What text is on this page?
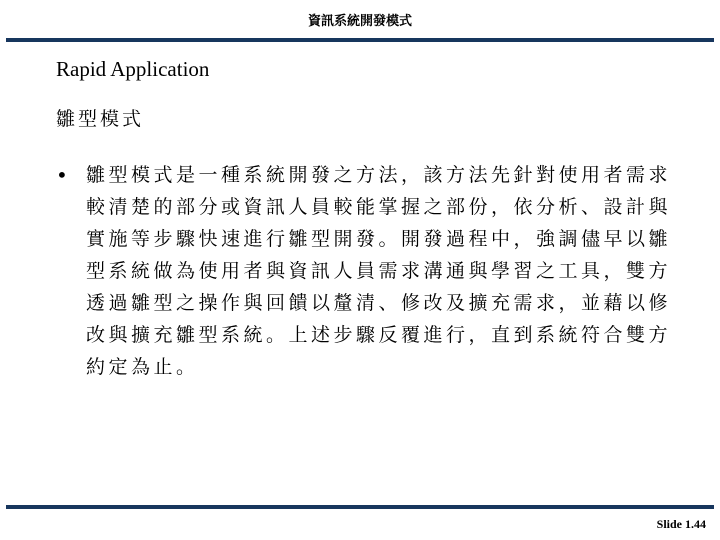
資訊系統開發模式
Rapid Application
雛型模式
• 雛型模式是一種系統開發之方法，該方法先針對使用者需求較清楚的部分或資訊人員較能掌握之部份，依分析、設計與實施等步驟快速進行雛型開發。開發過程中，強調儘早以雛型系統做為使用者與資訊人員需求溝通與學習之工具，雙方透過雛型之操作與回饋以釐清、修改及擴充需求，並藉以修改與擴充雛型系統。上述步驟反覆進行，直到系統符合雙方約定為止。
Slide 1.44
